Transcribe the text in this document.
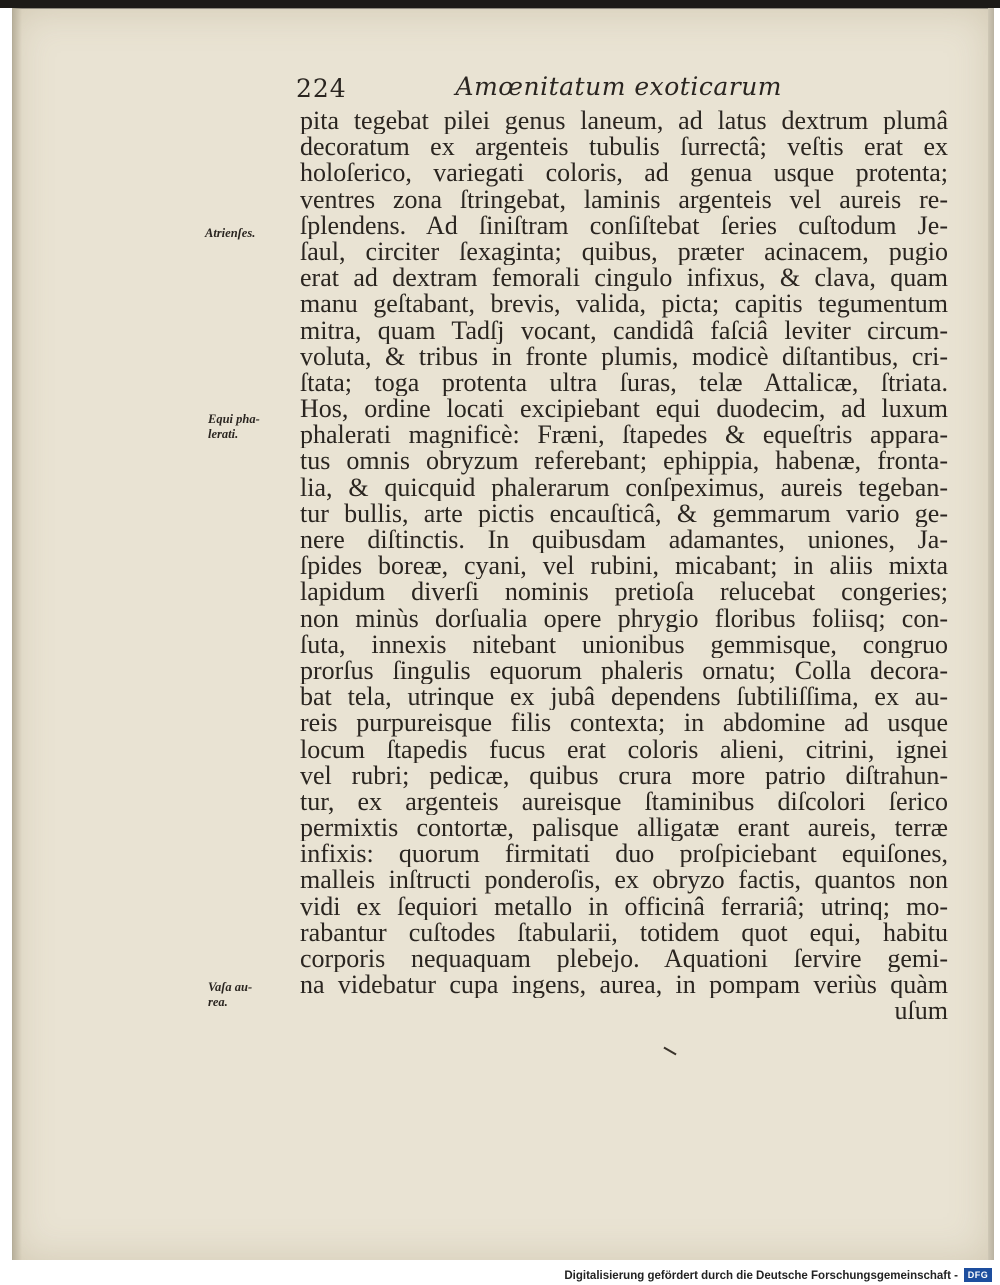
224	Amœnitatum exoticarum
pita tegebat pilei genus laneum, ad latus dextrum plumâ
decoratum ex argenteis tubulis ſurrectâ; veſtis erat ex
holoſerico, variegati coloris, ad genua usque protenta;
ventres zona ſtringebat, laminis argenteis vel aureis re-
ſplendens. Ad ſiniſtram conſiſtebat ſeries cuſtodum Je-
ſaul, circiter ſexaginta; quibus, præter acinacem, pugio
erat ad dextram femorali cingulo infixus, & clava, quam
manu geſtabant, brevis, valida, picta; capitis tegumentum
mitra, quam Tadſj vocant, candidâ faſciâ leviter circum-
voluta, & tribus in fronte plumis, modicè diſtantibus, cri-
ſtata; toga protenta ultra ſuras, telæ Attalicæ, ſtriata.
Hos, ordine locati excipiebant equi duodecim, ad luxum
phalerati magnificè: Fræni, ſtapedes & equeſtris appara-
tus omnis obryzum referebant; ephippia, habenæ, fronta-
lia, & quicquid phalerarum conſpeximus, aureis tegeban-
tur bullis, arte pictis encauſticâ, & gemmarum vario ge-
nere diſtinctis. In quibusdam adamantes, uniones, Ja-
ſpides boreæ, cyani, vel rubini, micabant; in aliis mixta
lapidum diverſi nominis pretioſa relucebat congeries;
non minùs dorſualia opere phrygio floribus foliisq; con-
ſuta, innexis nitebant unionibus gemmisque, congruo
prorſus ſingulis equorum phaleris ornatu; Colla decora-
bat tela, utrinque ex jubâ dependens ſubtiliſſima, ex au-
reis purpureisque filis contexta; in abdomine ad usque
locum ſtapedis fucus erat coloris alieni, citrini, ignei
vel rubri; pedicæ, quibus crura more patrio diſtrahun-
tur, ex argenteis aureisque ſtaminibus diſcolori ſerico
permixtis contortæ, palisque alligatæ erant aureis, terræ
infixis: quorum firmitati duo proſpiciebant equiſones,
malleis inſtructi ponderoſis, ex obryzo factis, quantos non
vidi ex ſequiori metallo in officinâ ferrariâ; utrinq; mo-
rabantur cuſtodes ſtabularii, totidem quot equi, habitu
corporis nequaquam plebejo. Aquationi ſervire gemi-
na videbatur cupa ingens, aurea, in pompam veriùs quàm
uſum
Atrienſes.
Equi pha-
lerati.
Vaſa au-
rea.
Digitalisierung gefördert durch die Deutsche Forschungsgemeinschaft -	DFG
